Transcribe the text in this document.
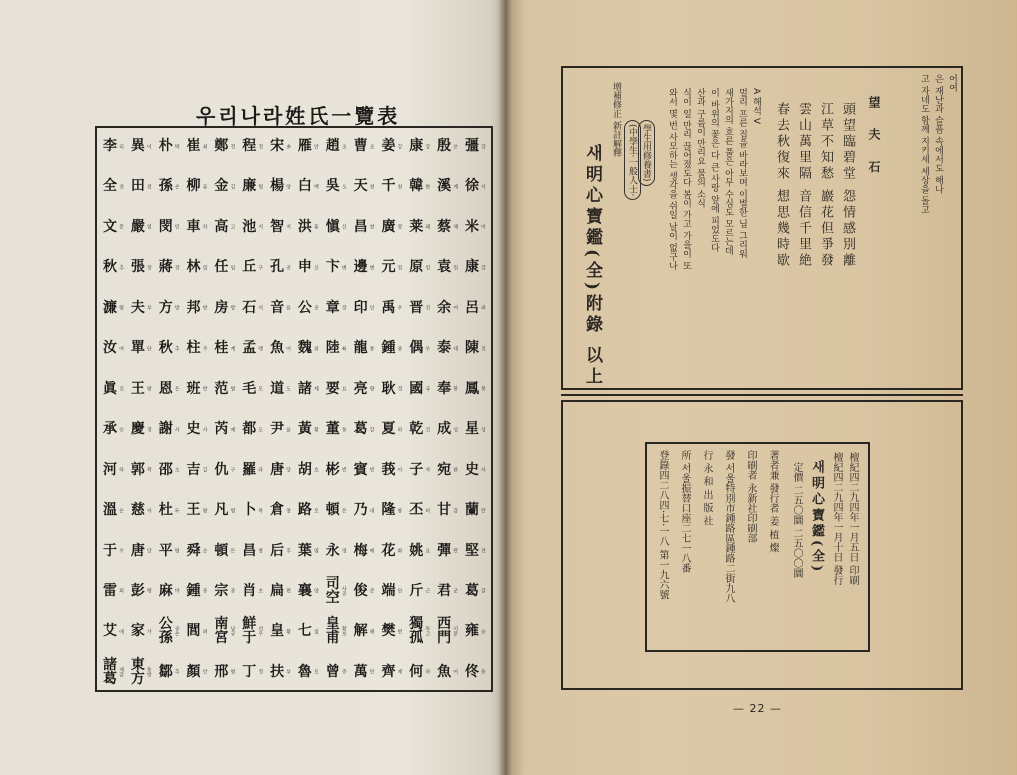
우리나라姓氏一覽表
彊 강
徐 서
米 미
康 강
呂 려
陳 진
鳳 봉
星 성
史 사
蘭 란
堅 견
葛 갈
雍 옹
佟 동
殷 은
溪 계
蔡 채
袁 원
余 여
泰 태
奉 봉
成 성
宛 완
甘 감
彈 탄
君 군
西門 서문
魚 어
康 강
韓 한
莱 래
原 원
晋 진
偶 우
國 국
乾 건
子 자
丕 비
姚 요
斤 근
獨孤 독고
何 하
姜 강
千 천
廣 광
元 원
禹 우
鍾 종
耿 경
夏 하
莪 아
隆 륭
花 화
端 단
樊 번
齊 제
曹 조
天 천
昌 창
邊 변
印 인
龍 룡
亮 량
葛 갈
賓 빈
乃 내
梅 매
俊 준
解 해
萬 만
趙 조
吳 오
愼 신
卞 변
章 장
陸 륙
要 요
董 동
彬 빈
頓 돈
永 영
司空 사공
皇甫 황보
曾 증
雁 안
白 백
洪 홍
申 신
公 공
魏 위
諸 제
黃 황
胡 호
路 로
葉 엽
襄 양
七 칠
魯 로
宋 송
楊 양
智 지
孔 공
音 음
魚 어
道 도
尹 윤
唐 당
倉 창
后 후
扁 편
皇 황
扶 부
程 정
廉 렴
池 지
丘 구
石 석
孟 맹
毛 모
都 도
羅 라
卜 복
昌 창
肖 초
鮮于 선우
丁 정
鄭 정
金 김
高 고
任 임
房 방
桂 계
范 범
芮 예
仇 구
凡 범
頓 돈
宗 종
南宮 남궁
邢 형
崔 최
柳 류
車 차
林 림
邦 방
柱 주
班 반
史 사
吉 길
王 왕
舜 순
鍾 종
閭 려
顏 안
朴 박
孫 손
閔 민
蔣 장
方 방
秋 추
恩 은
謝 사
邵 소
杜 두
平 평
麻 마
公孫 공손
鄒 추
異 이
田 전
嚴 엄
張 장
夫 부
單 단
王 왕
慶 경
郭 곽
慈 자
唐 당
彭 팽
家 가
東方 동방
李 리
全 전
文 문
秋 추
濂 렴
汝 여
眞 진
承 승
河 하
溫 온
于 우
雷 뢰
艾 애
諸葛 제갈
어여
은 재난과 슬픔 속에서도 해나
고 자네도 함께 지키세 세상을 돌고
望 夫 石
頭望臨碧堂 怨情感別離
江草不知愁 巖花但爭發
雲山萬里隔 音信千里絶
春去秋復來 想思幾時歇
A 해석 V
멀리 프른 집을 바라보며 이별한 님 그리워
새가지의 흐른 풀은 아무 수심도 모르는데
이 바위의 꽃은 다 큰 사랑 앞에 피었도다
산과 구름이 만리요 물의 소식
식이 일 만리 끊어졌도다 봄이 가고 가을이 또
와서 몇 번 사모하는 생각을 쉬일 날이 없구나
增補修正 新註解釋
(中學生·一般人士· 學生用修養書)
새明心寶鑑(全)附錄 以上
檀紀四二九四年一月五日 印刷
檀紀四二九四年一月十日 發行
새明心寶鑑(全)
定價 二五〇圜 二五〇〇圜
著者兼 發行者 姜 植 燦
印刷者 永新社印刷部
發 서울特別市鍾路區鍾路二街九八
行 永 和 出 版 社
所 서울振替口座二七一八番
登錄四二八四·七·一八 第一九六號
— 22 —
